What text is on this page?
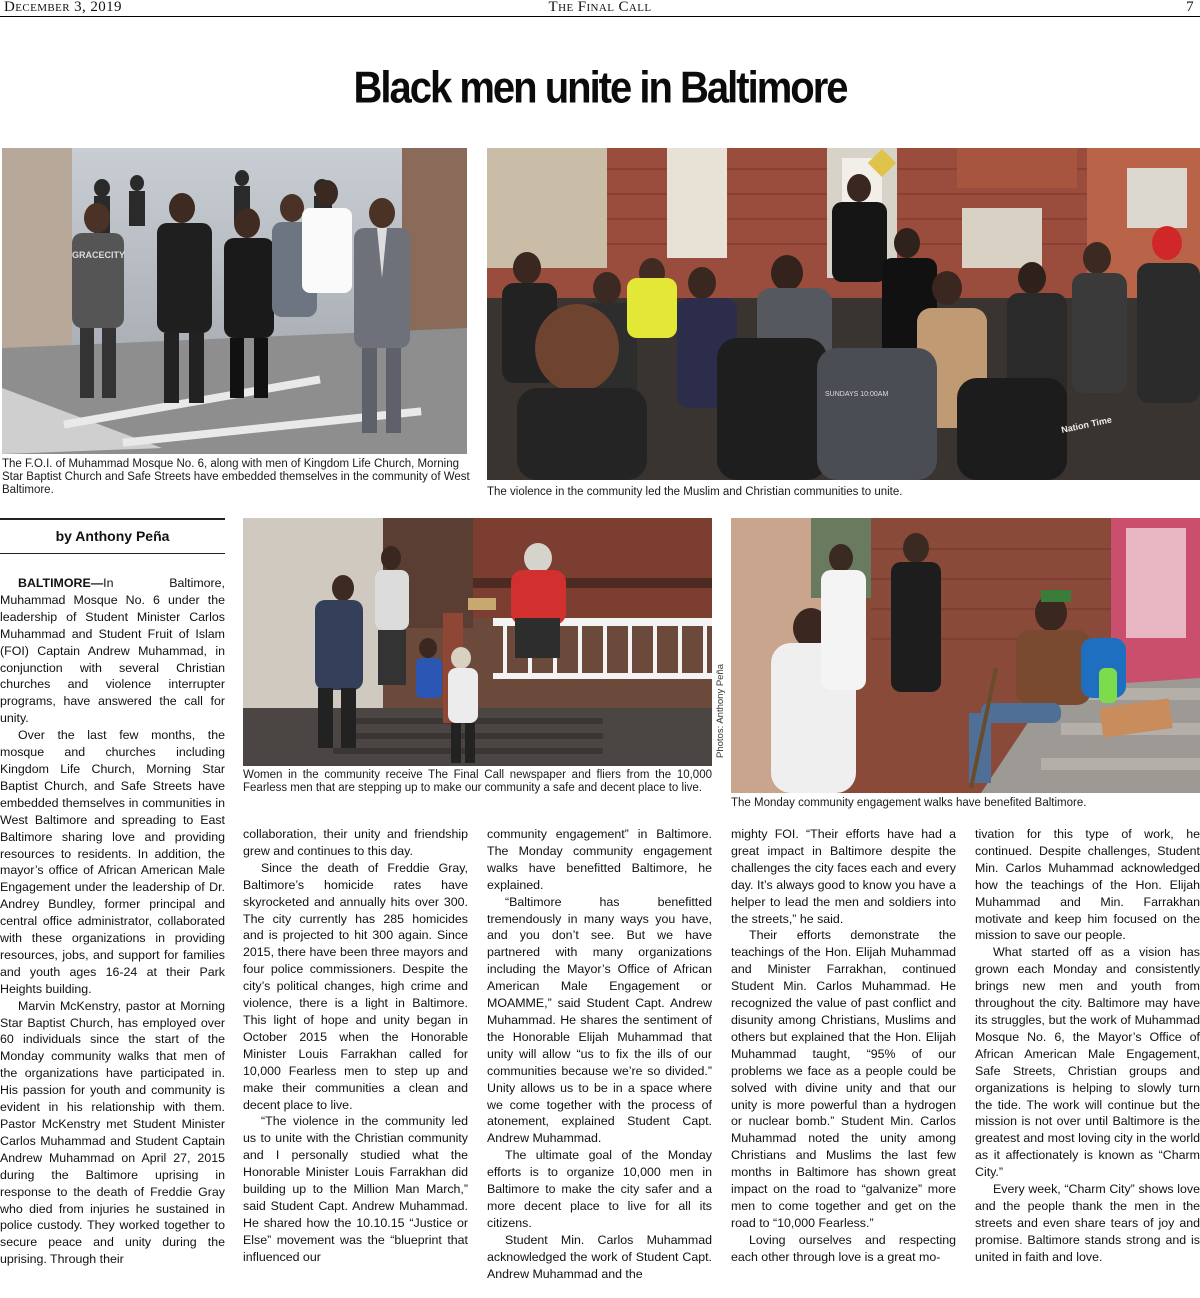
December 3, 2019	The Final Call	7
Black men unite in Baltimore
GRACECITY
The F.O.I. of Muhammad Mosque No. 6, along with men of Kingdom Life Church, Morning Star Baptist Church and Safe Streets have embedded themselves in the community of West Baltimore.
SUNDAYS 10:00AM
Nation Time
The violence in the community led the Muslim and Christian communities to unite.
by Anthony Peña
Women in the community receive The Final Call newspaper and fliers from the 10,000 Fearless men that are stepping up to make our community a safe and decent place to live.
Photos: Anthony Peña
The Monday community engagement walks have benefited Baltimore.

BALTIMORE—In Baltimore, Muhammad Mosque No. 6 under the leadership of Student Minister Carlos Muhammad and Student Fruit of Islam (FOI) Captain Andrew Muhammad, in conjunction with several Christian churches and violence interrupter programs, have answered the call for unity.

Over the last few months, the mosque and churches including Kingdom Life Church, Morning Star Baptist Church, and Safe Streets have embedded themselves in communities in West Baltimore and spreading to East Baltimore sharing love and providing resources to residents. In addition, the mayor’s office of African American Male Engagement under the leadership of Dr. Andrey Bundley, former principal and central office administrator, collaborated with these organizations in providing resources, jobs, and support for families and youth ages 16-24 at their Park Heights building.

Marvin McKenstry, pastor at Morning Star Baptist Church, has employed over 60 individuals since the start of the Monday community walks that men of the organizations have participated in. His passion for youth and community is evident in his relationship with them. Pastor McKenstry met Student Minister Carlos Muhammad and Student Captain Andrew Muhammad on April 27, 2015 during the Baltimore uprising in response to the death of Freddie Gray who died from injuries he sustained in police custody. They worked together to secure peace and unity during the uprising. Through their

collaboration, their unity and friendship grew and continues to this day.

Since the death of Freddie Gray, Baltimore’s homicide rates have skyrocketed and annually hits over 300. The city currently has 285 homicides and is projected to hit 300 again. Since 2015, there have been three mayors and four police commissioners. Despite the city’s political changes, high crime and violence, there is a light in Baltimore. This light of hope and unity began in October 2015 when the Honorable Minister Louis Farrakhan called for 10,000 Fearless men to step up and make their communities a clean and decent place to live.

“The violence in the community led us to unite with the Christian community and I personally studied what the Honorable Minister Louis Farrakhan did building up to the Million Man March,” said Student Capt. Andrew Muhammad. He shared how the 10.10.15 “Justice or Else” movement was the “blueprint that influenced our

community engagement” in Baltimore. The Monday community engagement walks have benefitted Baltimore, he explained.

“Baltimore has benefitted tremendously in many ways you have, and you don’t see. But we have partnered with many organizations including the Mayor’s Office of African American Male Engagement or MOAMME,” said Student Capt. Andrew Muhammad. He shares the sentiment of the Honorable Elijah Muhammad that unity will allow “us to fix the ills of our communities because we’re so divided.” Unity allows us to be in a space where we come together with the process of atonement, explained Student Capt. Andrew Muhammad.

The ultimate goal of the Monday efforts is to organize 10,000 men in Baltimore to make the city safer and a more decent place to live for all its citizens.

Student Min. Carlos Muhammad acknowledged the work of Student Capt. Andrew Muhammad and the

mighty FOI. “Their efforts have had a great impact in Baltimore despite the challenges the city faces each and every day. It’s always good to know you have a helper to lead the men and soldiers into the streets,” he said.

Their efforts demonstrate the teachings of the Hon. Elijah Muhammad and Minister Farrakhan, continued Student Min. Carlos Muhammad. He recognized the value of past conflict and disunity among Christians, Muslims and others but explained that the Hon. Elijah Muhammad taught, “95% of our problems we face as a people could be solved with divine unity and that our unity is more powerful than a hydrogen or nuclear bomb.” Student Min. Carlos Muhammad noted the unity among Christians and Muslims the last few months in Baltimore has shown great impact on the road to “galvanize” more men to come together and get on the road to “10,000 Fearless.”

Loving ourselves and respecting each other through love is a great mo-

tivation for this type of work, he continued. Despite challenges, Student Min. Carlos Muhammad acknowledged how the teachings of the Hon. Elijah Muhammad and Min. Farrakhan motivate and keep him focused on the mission to save our people.

What started off as a vision has grown each Monday and consistently brings new men and youth from throughout the city. Baltimore may have its struggles, but the work of Muhammad Mosque No. 6, the Mayor’s Office of African American Male Engagement, Safe Streets, Christian groups and organizations is helping to slowly turn the tide. The work will continue but the mission is not over until Baltimore is the greatest and most loving city in the world as it affectionately is known as “Charm City.”

Every week, “Charm City” shows love and the people thank the men in the streets and even share tears of joy and promise. Baltimore stands strong and is united in faith and love.
